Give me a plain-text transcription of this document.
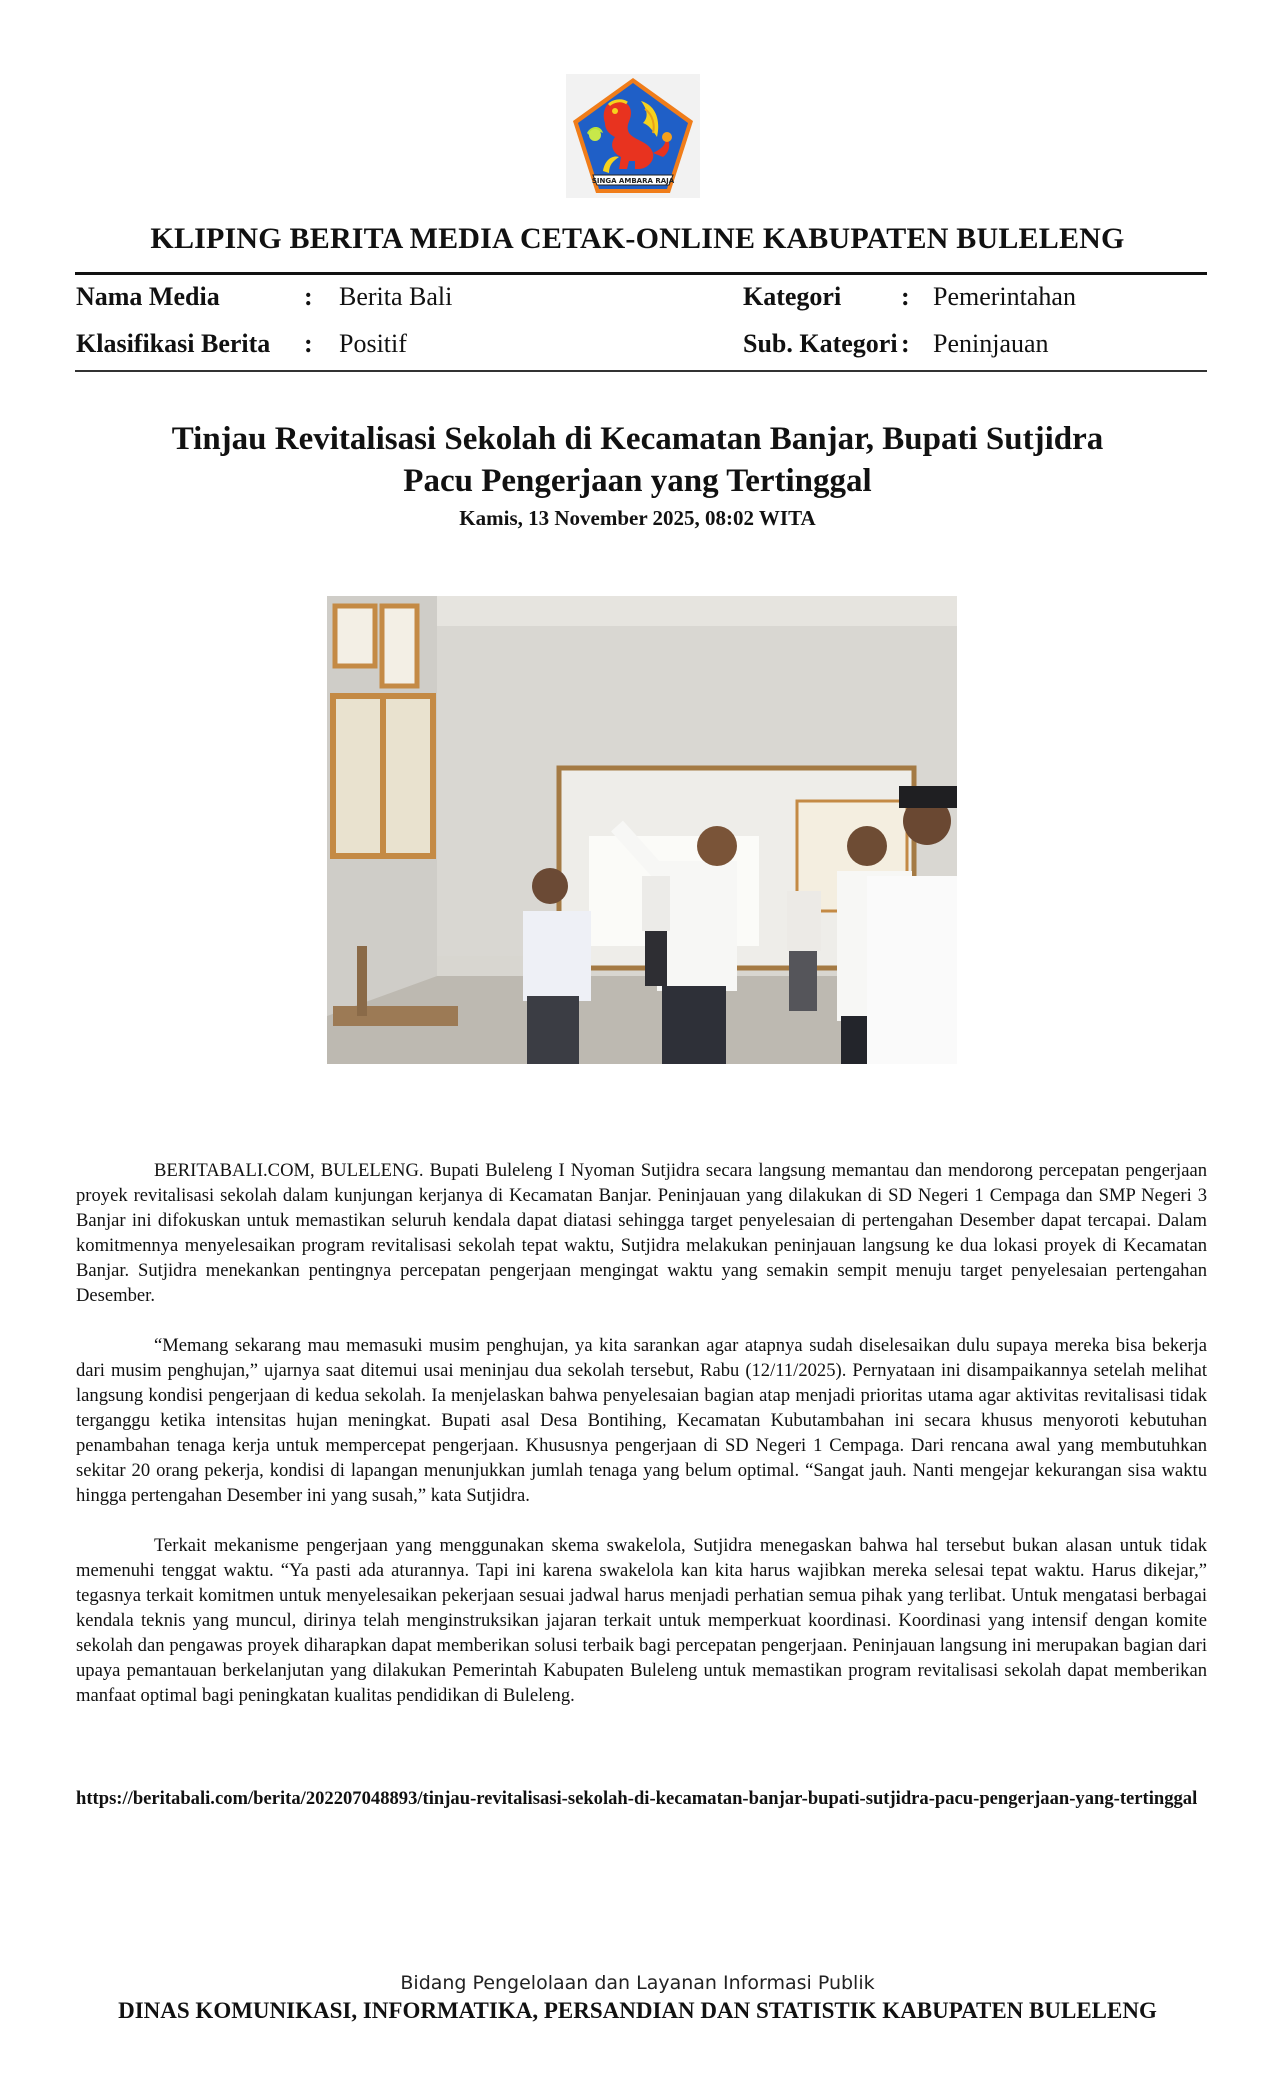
SINGA AMBARA RAJA
KLIPING BERITA MEDIA CETAK-ONLINE KABUPATEN BULELENG
Nama Media	: Berita Bali
Klasifikasi Berita : Positif
Kategori : Pemerintahan
Sub. Kategori : Peninjauan
Tinjau Revitalisasi Sekolah di Kecamatan Banjar, Bupati Sutjidra
Pacu Pengerjaan yang Tertinggal
Kamis, 13 November 2025, 08:02 WITA

BERITABALI.COM, BULELENG. Bupati Buleleng I Nyoman Sutjidra secara langsung memantau dan mendorong percepatan pengerjaan proyek revitalisasi sekolah dalam kunjungan kerjanya di Kecamatan Banjar. Peninjauan yang dilakukan di SD Negeri 1 Cempaga dan SMP Negeri 3 Banjar ini difokuskan untuk memastikan seluruh kendala dapat diatasi sehingga target penyelesaian di pertengahan Desember dapat tercapai. Dalam komitmennya menyelesaikan program revitalisasi sekolah tepat waktu, Sutjidra melakukan peninjauan langsung ke dua lokasi proyek di Kecamatan Banjar. Sutjidra menekankan pentingnya percepatan pengerjaan mengingat waktu yang semakin sempit menuju target penyelesaian pertengahan Desember.

“Memang sekarang mau memasuki musim penghujan, ya kita sarankan agar atapnya sudah diselesaikan dulu supaya mereka bisa bekerja dari musim penghujan,” ujarnya saat ditemui usai meninjau dua sekolah tersebut, Rabu (12/11/2025). Pernyataan ini disampaikannya setelah melihat langsung kondisi pengerjaan di kedua sekolah. Ia menjelaskan bahwa penyelesaian bagian atap menjadi prioritas utama agar aktivitas revitalisasi tidak terganggu ketika intensitas hujan meningkat. Bupati asal Desa Bontihing, Kecamatan Kubutambahan ini secara khusus menyoroti kebutuhan penambahan tenaga kerja untuk mempercepat pengerjaan. Khususnya pengerjaan di SD Negeri 1 Cempaga. Dari rencana awal yang membutuhkan sekitar 20 orang pekerja, kondisi di lapangan menunjukkan jumlah tenaga yang belum optimal. “Sangat jauh. Nanti mengejar kekurangan sisa waktu hingga pertengahan Desember ini yang susah,” kata Sutjidra.

Terkait mekanisme pengerjaan yang menggunakan skema swakelola, Sutjidra menegaskan bahwa hal tersebut bukan alasan untuk tidak memenuhi tenggat waktu. “Ya pasti ada aturannya. Tapi ini karena swakelola kan kita harus wajibkan mereka selesai tepat waktu. Harus dikejar,” tegasnya terkait komitmen untuk menyelesaikan pekerjaan sesuai jadwal harus menjadi perhatian semua pihak yang terlibat. Untuk mengatasi berbagai kendala teknis yang muncul, dirinya telah menginstruksikan jajaran terkait untuk memperkuat koordinasi. Koordinasi yang intensif dengan komite sekolah dan pengawas proyek diharapkan dapat memberikan solusi terbaik bagi percepatan pengerjaan. Peninjauan langsung ini merupakan bagian dari upaya pemantauan berkelanjutan yang dilakukan Pemerintah Kabupaten Buleleng untuk memastikan program revitalisasi sekolah dapat memberikan manfaat optimal bagi peningkatan kualitas pendidikan di Buleleng.

https://beritabali.com/berita/202207048893/tinjau-revitalisasi-sekolah-di-kecamatan-banjar-bupati-sutjidra-pacu-pengerjaan-yang-tertinggal
Bidang Pengelolaan dan Layanan Informasi Publik
DINAS KOMUNIKASI, INFORMATIKA, PERSANDIAN DAN STATISTIK KABUPATEN BULELENG
